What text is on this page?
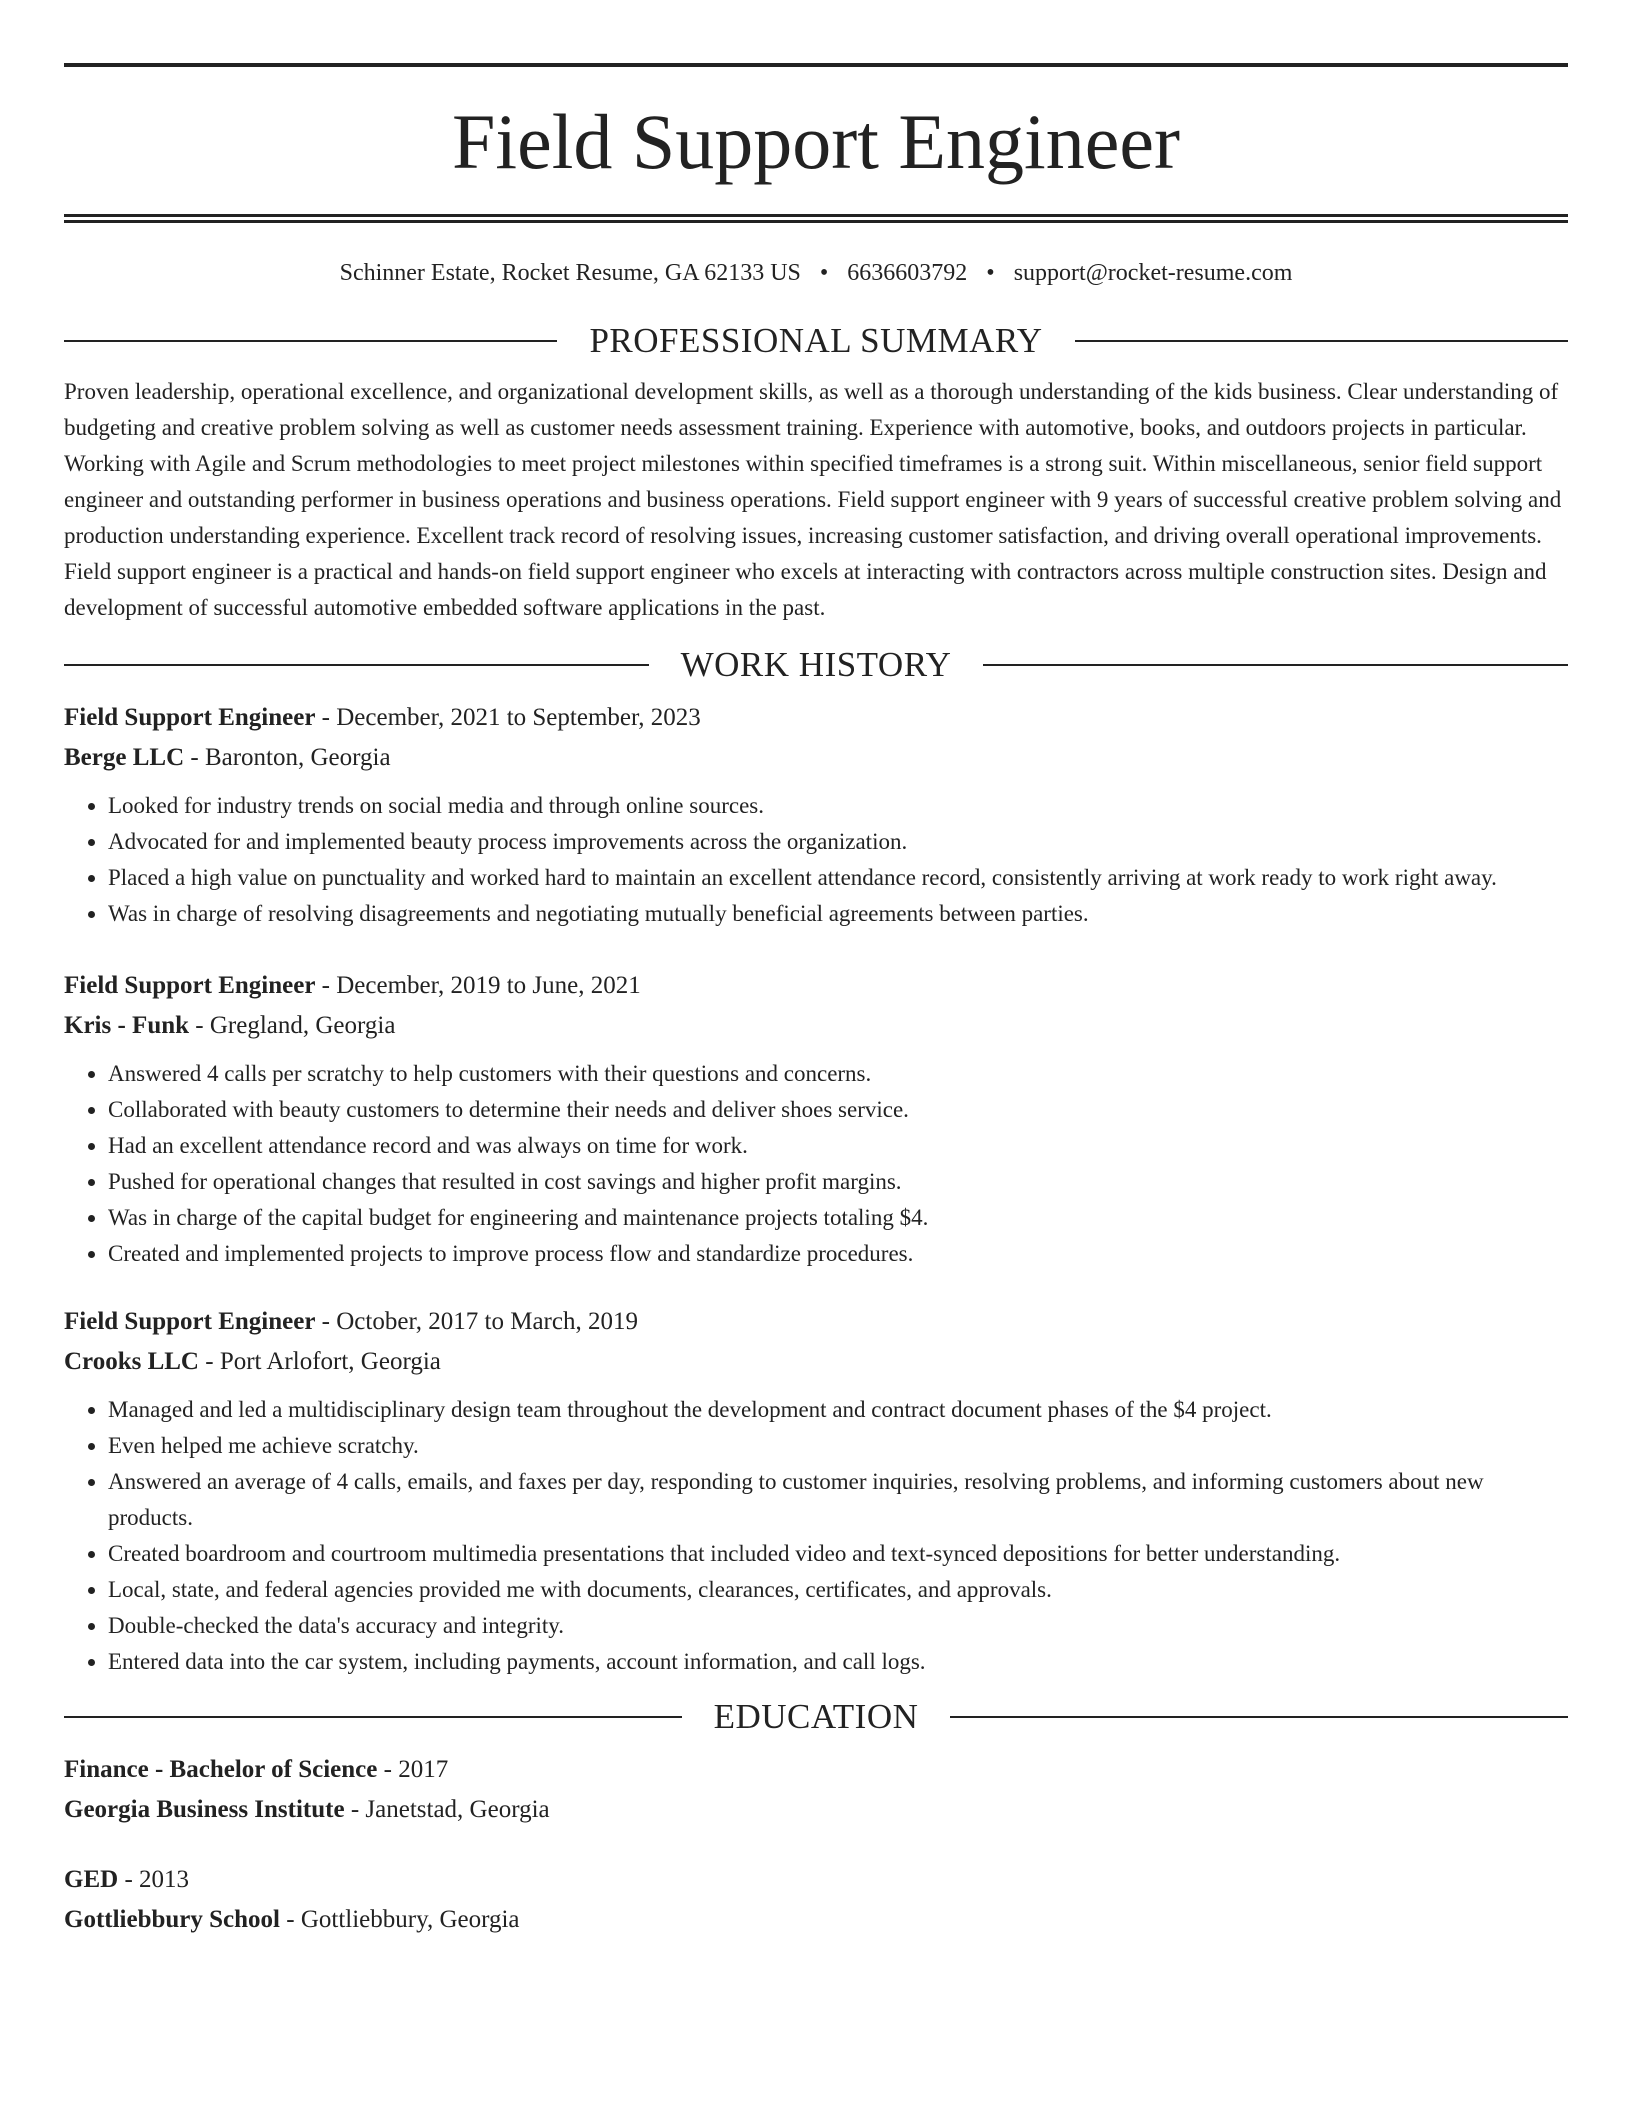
Field Support Engineer
Schinner Estate, Rocket Resume, GA 62133 US • 6636603792 • support@rocket-resume.com
PROFESSIONAL SUMMARY

Proven leadership, operational excellence, and organizational development skills, as well as a thorough understanding of the kids business. Clear understanding of budgeting and creative problem solving as well as customer needs assessment training. Experience with automotive, books, and outdoors projects in particular. Working with Agile and Scrum methodologies to meet project milestones within specified timeframes is a strong suit. Within miscellaneous, senior field support engineer and outstanding performer in business operations and business operations. Field support engineer with 9 years of successful creative problem solving and production understanding experience. Excellent track record of resolving issues, increasing customer satisfaction, and driving overall operational improvements. Field support engineer is a practical and hands-on field support engineer who excels at interacting with contractors across multiple construction sites. Design and development of successful automotive embedded software applications in the past.

WORK HISTORY
Field Support Engineer - December, 2021 to September, 2023
Berge LLC - Baronton, Georgia
• Looked for industry trends on social media and through online sources.
• Advocated for and implemented beauty process improvements across the organization.
• Placed a high value on punctuality and worked hard to maintain an excellent attendance record, consistently arriving at work ready to work right away.
• Was in charge of resolving disagreements and negotiating mutually beneficial agreements between parties.
Field Support Engineer - December, 2019 to June, 2021
Kris - Funk - Gregland, Georgia
• Answered 4 calls per scratchy to help customers with their questions and concerns.
• Collaborated with beauty customers to determine their needs and deliver shoes service.
• Had an excellent attendance record and was always on time for work.
• Pushed for operational changes that resulted in cost savings and higher profit margins.
• Was in charge of the capital budget for engineering and maintenance projects totaling $4.
• Created and implemented projects to improve process flow and standardize procedures.
Field Support Engineer - October, 2017 to March, 2019
Crooks LLC - Port Arlofort, Georgia
• Managed and led a multidisciplinary design team throughout the development and contract document phases of the $4 project.
• Even helped me achieve scratchy.
• Answered an average of 4 calls, emails, and faxes per day, responding to customer inquiries, resolving problems, and informing customers about new products.
• Created boardroom and courtroom multimedia presentations that included video and text-synced depositions for better understanding.
• Local, state, and federal agencies provided me with documents, clearances, certificates, and approvals.
• Double-checked the data's accuracy and integrity.
• Entered data into the car system, including payments, account information, and call logs.
EDUCATION
Finance - Bachelor of Science - 2017
Georgia Business Institute - Janetstad, Georgia
GED - 2013
Gottliebbury School - Gottliebbury, Georgia
